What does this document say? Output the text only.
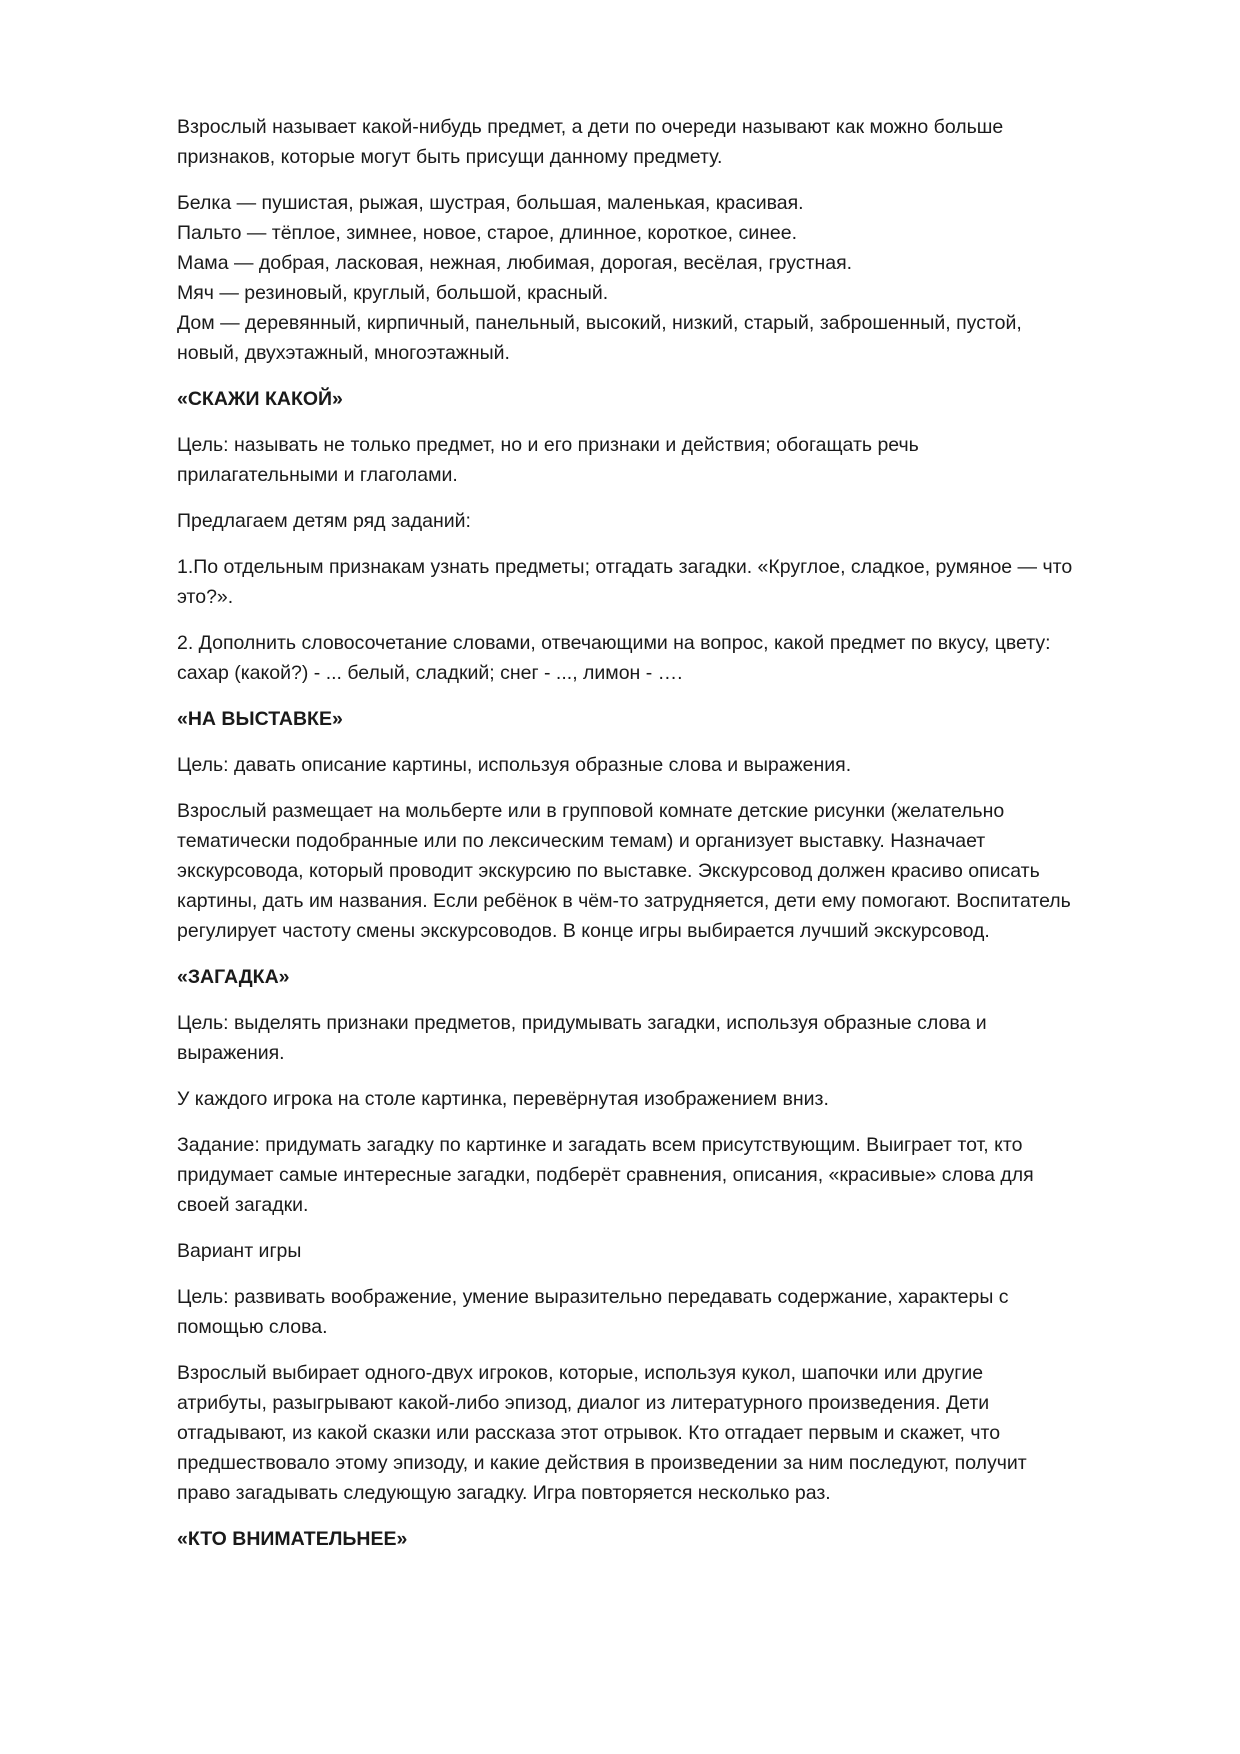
Взрослый называет какой-нибудь предмет, а дети по очереди называют как можно больше
признаков, которые могут быть присущи данному предмету.
Белка — пушистая, рыжая, шустрая, большая, маленькая, красивая.
Пальто — тёплое, зимнее, новое, старое, длинное, короткое, синее.
Мама — добрая, ласковая, нежная, любимая, дорогая, весёлая, грустная.
Мяч — резиновый, круглый, большой, красный.
Дом — деревянный, кирпичный, панельный, высокий, низкий, старый, заброшенный, пустой,
новый, двухэтажный, многоэтажный.
«СКАЖИ КАКОЙ»
Цель: называть не только предмет, но и его признаки и действия; обогащать речь
прилагательными и глаголами.
Предлагаем детям ряд заданий:
1.По отдельным признакам узнать предметы; отгадать загадки. «Круглое, сладкое, румяное — что
это?».
2. Дополнить словосочетание словами, отвечающими на вопрос, какой предмет по вкусу, цвету:
сахар (какой?) - ... белый, сладкий; снег - ..., лимон - ….
«НА ВЫСТАВКЕ»
Цель: давать описание картины, используя образные слова и выражения.
Взрослый размещает на мольберте или в групповой комнате детские рисунки (желательно
тематически подобранные или по лексическим темам) и организует выставку. Назначает
экскурсовода, который проводит экскурсию по выставке. Экскурсовод должен красиво описать
картины, дать им названия. Если ребёнок в чём-то затрудняется, дети ему помогают. Воспитатель
регулирует частоту смены экскурсоводов. В конце игры выбирается лучший экскурсовод.
«ЗАГАДКА»
Цель: выделять признаки предметов, придумывать загадки, используя образные слова и
выражения.
У каждого игрока на столе картинка, перевёрнутая изображением вниз.
Задание: придумать загадку по картинке и загадать всем присутствующим. Выиграет тот, кто
придумает самые интересные загадки, подберёт сравнения, описания, «красивые» слова для
своей загадки.
Вариант игры
Цель: развивать воображение, умение выразительно передавать содержание, характеры с
помощью слова.
Взрослый выбирает одного-двух игроков, которые, используя кукол, шапочки или другие
атрибуты, разыгрывают какой-либо эпизод, диалог из литературного произведения. Дети
отгадывают, из какой сказки или рассказа этот отрывок. Кто отгадает первым и скажет, что
предшествовало этому эпизоду, и какие действия в произведении за ним последуют, получит
право загадывать следующую загадку. Игра повторяется несколько раз.
«КТО ВНИМАТЕЛЬНЕЕ»
